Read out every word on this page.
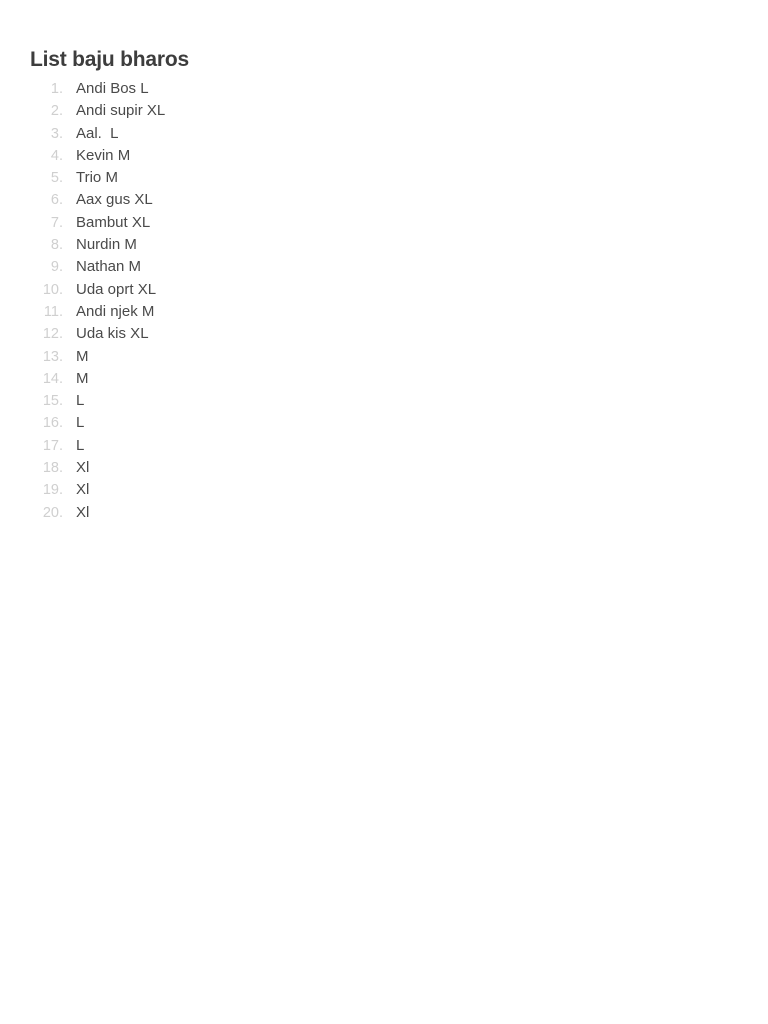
List baju bharos
1. Andi Bos L
2. Andi supir XL
3. Aal.  L
4. Kevin M
5. Trio M
6. Aax gus XL
7. Bambut XL
8. Nurdin M
9. Nathan M
10. Uda oprt XL
11. Andi njek M
12. Uda kis XL
13. M
14. M
15. L
16. L
17. L
18. Xl
19. Xl
20. Xl
